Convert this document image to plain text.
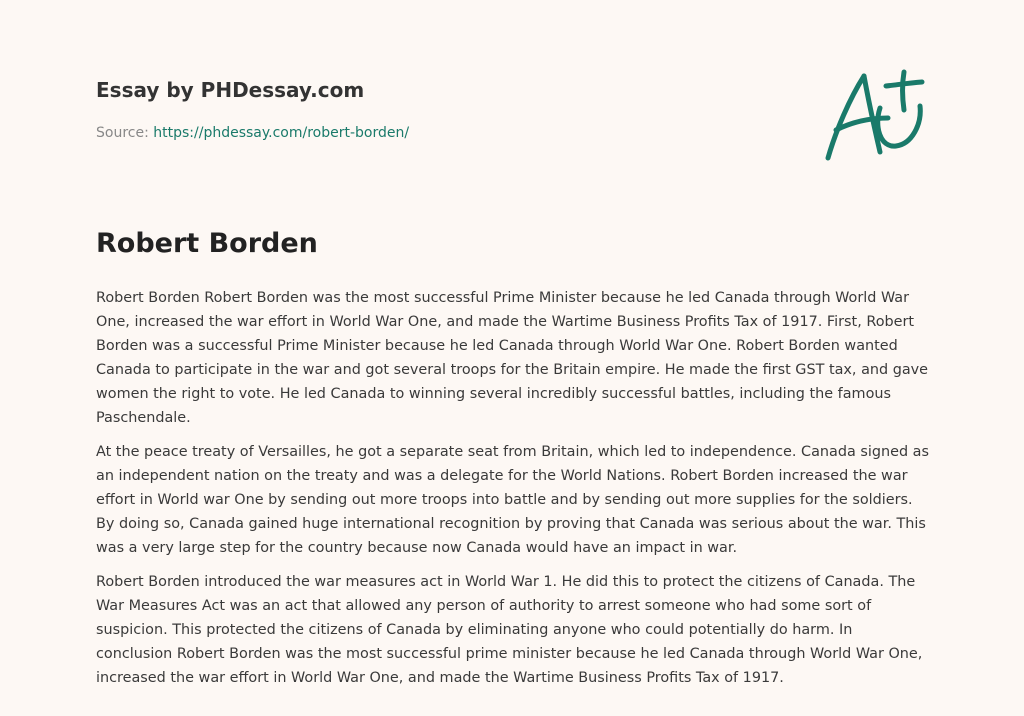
Essay by PHDessay.com
Source: https://phdessay.com/robert-borden/
Robert Borden

Robert Borden Robert Borden was the most successful Prime Minister because he led Canada through World War One, increased the war effort in World War One, and made the Wartime Business Profits Tax of 1917. First, Robert Borden was a successful Prime Minister because he led Canada through World War One. Robert Borden wanted Canada to participate in the war and got several troops for the Britain empire. He made the first GST tax, and gave women the right to vote. He led Canada to winning several incredibly successful battles, including the famous Paschendale.

At the peace treaty of Versailles, he got a separate seat from Britain, which led to independence. Canada signed as an independent nation on the treaty and was a delegate for the World Nations. Robert Borden increased the war effort in World war One by sending out more troops into battle and by sending out more supplies for the soldiers. By doing so, Canada gained huge international recognition by proving that Canada was serious about the war. This was a very large step for the country because now Canada would have an impact in war.

Robert Borden introduced the war measures act in World War 1. He did this to protect the citizens of Canada. The War Measures Act was an act that allowed any person of authority to arrest someone who had some sort of suspicion. This protected the citizens of Canada by eliminating anyone who could potentially do harm. In conclusion Robert Borden was the most successful prime minister because he led Canada through World War One, increased the war effort in World War One, and made the Wartime Business Profits Tax of 1917.
